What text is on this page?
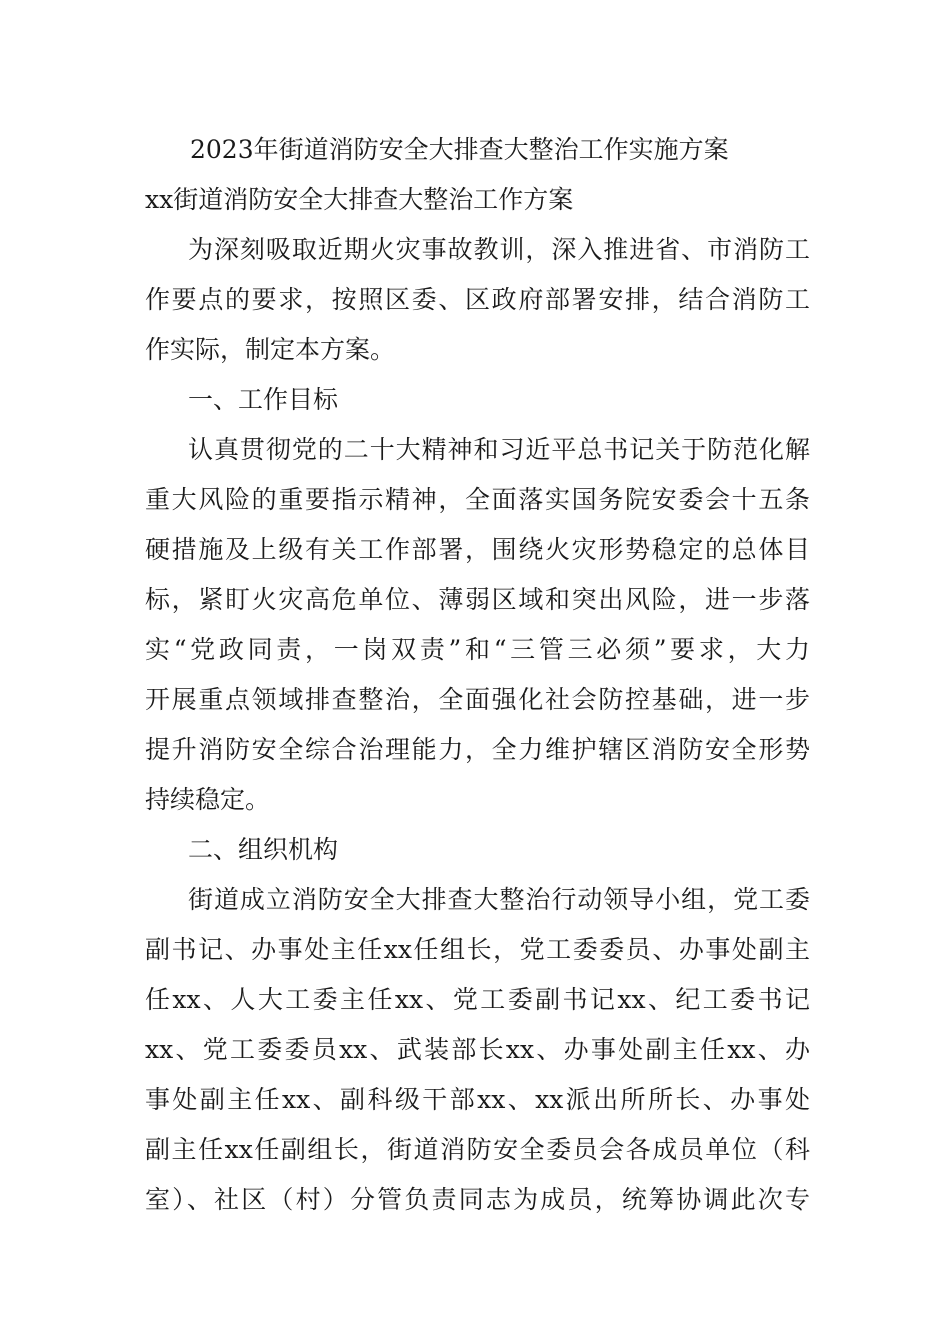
2023年街道消防安全大排查大整治工作实施方案
xx街道消防安全大排查大整治工作方案
为深刻吸取近期火灾事故教训，深入推进省、市消防工
作要点的要求，按照区委、区政府部署安排，结合消防工
作实际，制定本方案。
一、工作目标
认真贯彻党的二十大精神和习近平总书记关于防范化解
重大风险的重要指示精神，全面落实国务院安委会十五条
硬措施及上级有关工作部署，围绕火灾形势稳定的总体目
标，紧盯火灾高危单位、薄弱区域和突出风险，进一步落
实“党政同责，一岗双责”和“三管三必须”要求，大力
开展重点领域排查整治，全面强化社会防控基础，进一步
提升消防安全综合治理能力，全力维护辖区消防安全形势
持续稳定。
二、组织机构
街道成立消防安全大排查大整治行动领导小组，党工委
副书记、办事处主任xx任组长，党工委委员、办事处副主
任xx、人大工委主任xx、党工委副书记xx、纪工委书记
xx、党工委委员xx、武装部长xx、办事处副主任xx、办
事处副主任xx、副科级干部xx、xx派出所所长、办事处
副主任xx任副组长，街道消防安全委员会各成员单位（科
室）、社区（村）分管负责同志为成员，统筹协调此次专
